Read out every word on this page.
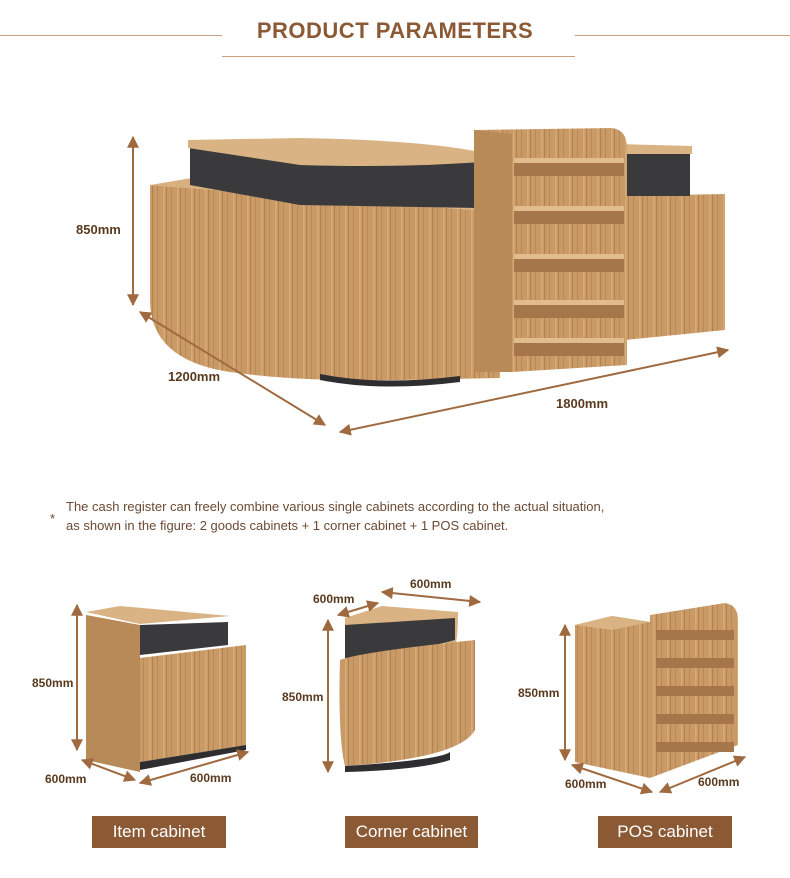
PRODUCT PARAMETERS
850mm
1200mm
1800mm
*
The cash register can freely combine various single cabinets according to the actual situation,
as shown in the figure: 2 goods cabinets + 1 corner cabinet + 1 POS cabinet.
850mm
600mm	600mm
850mm
600mm
600mm
850mm
600mm	600mm
Item cabinet	Corner cabinet	POS cabinet
